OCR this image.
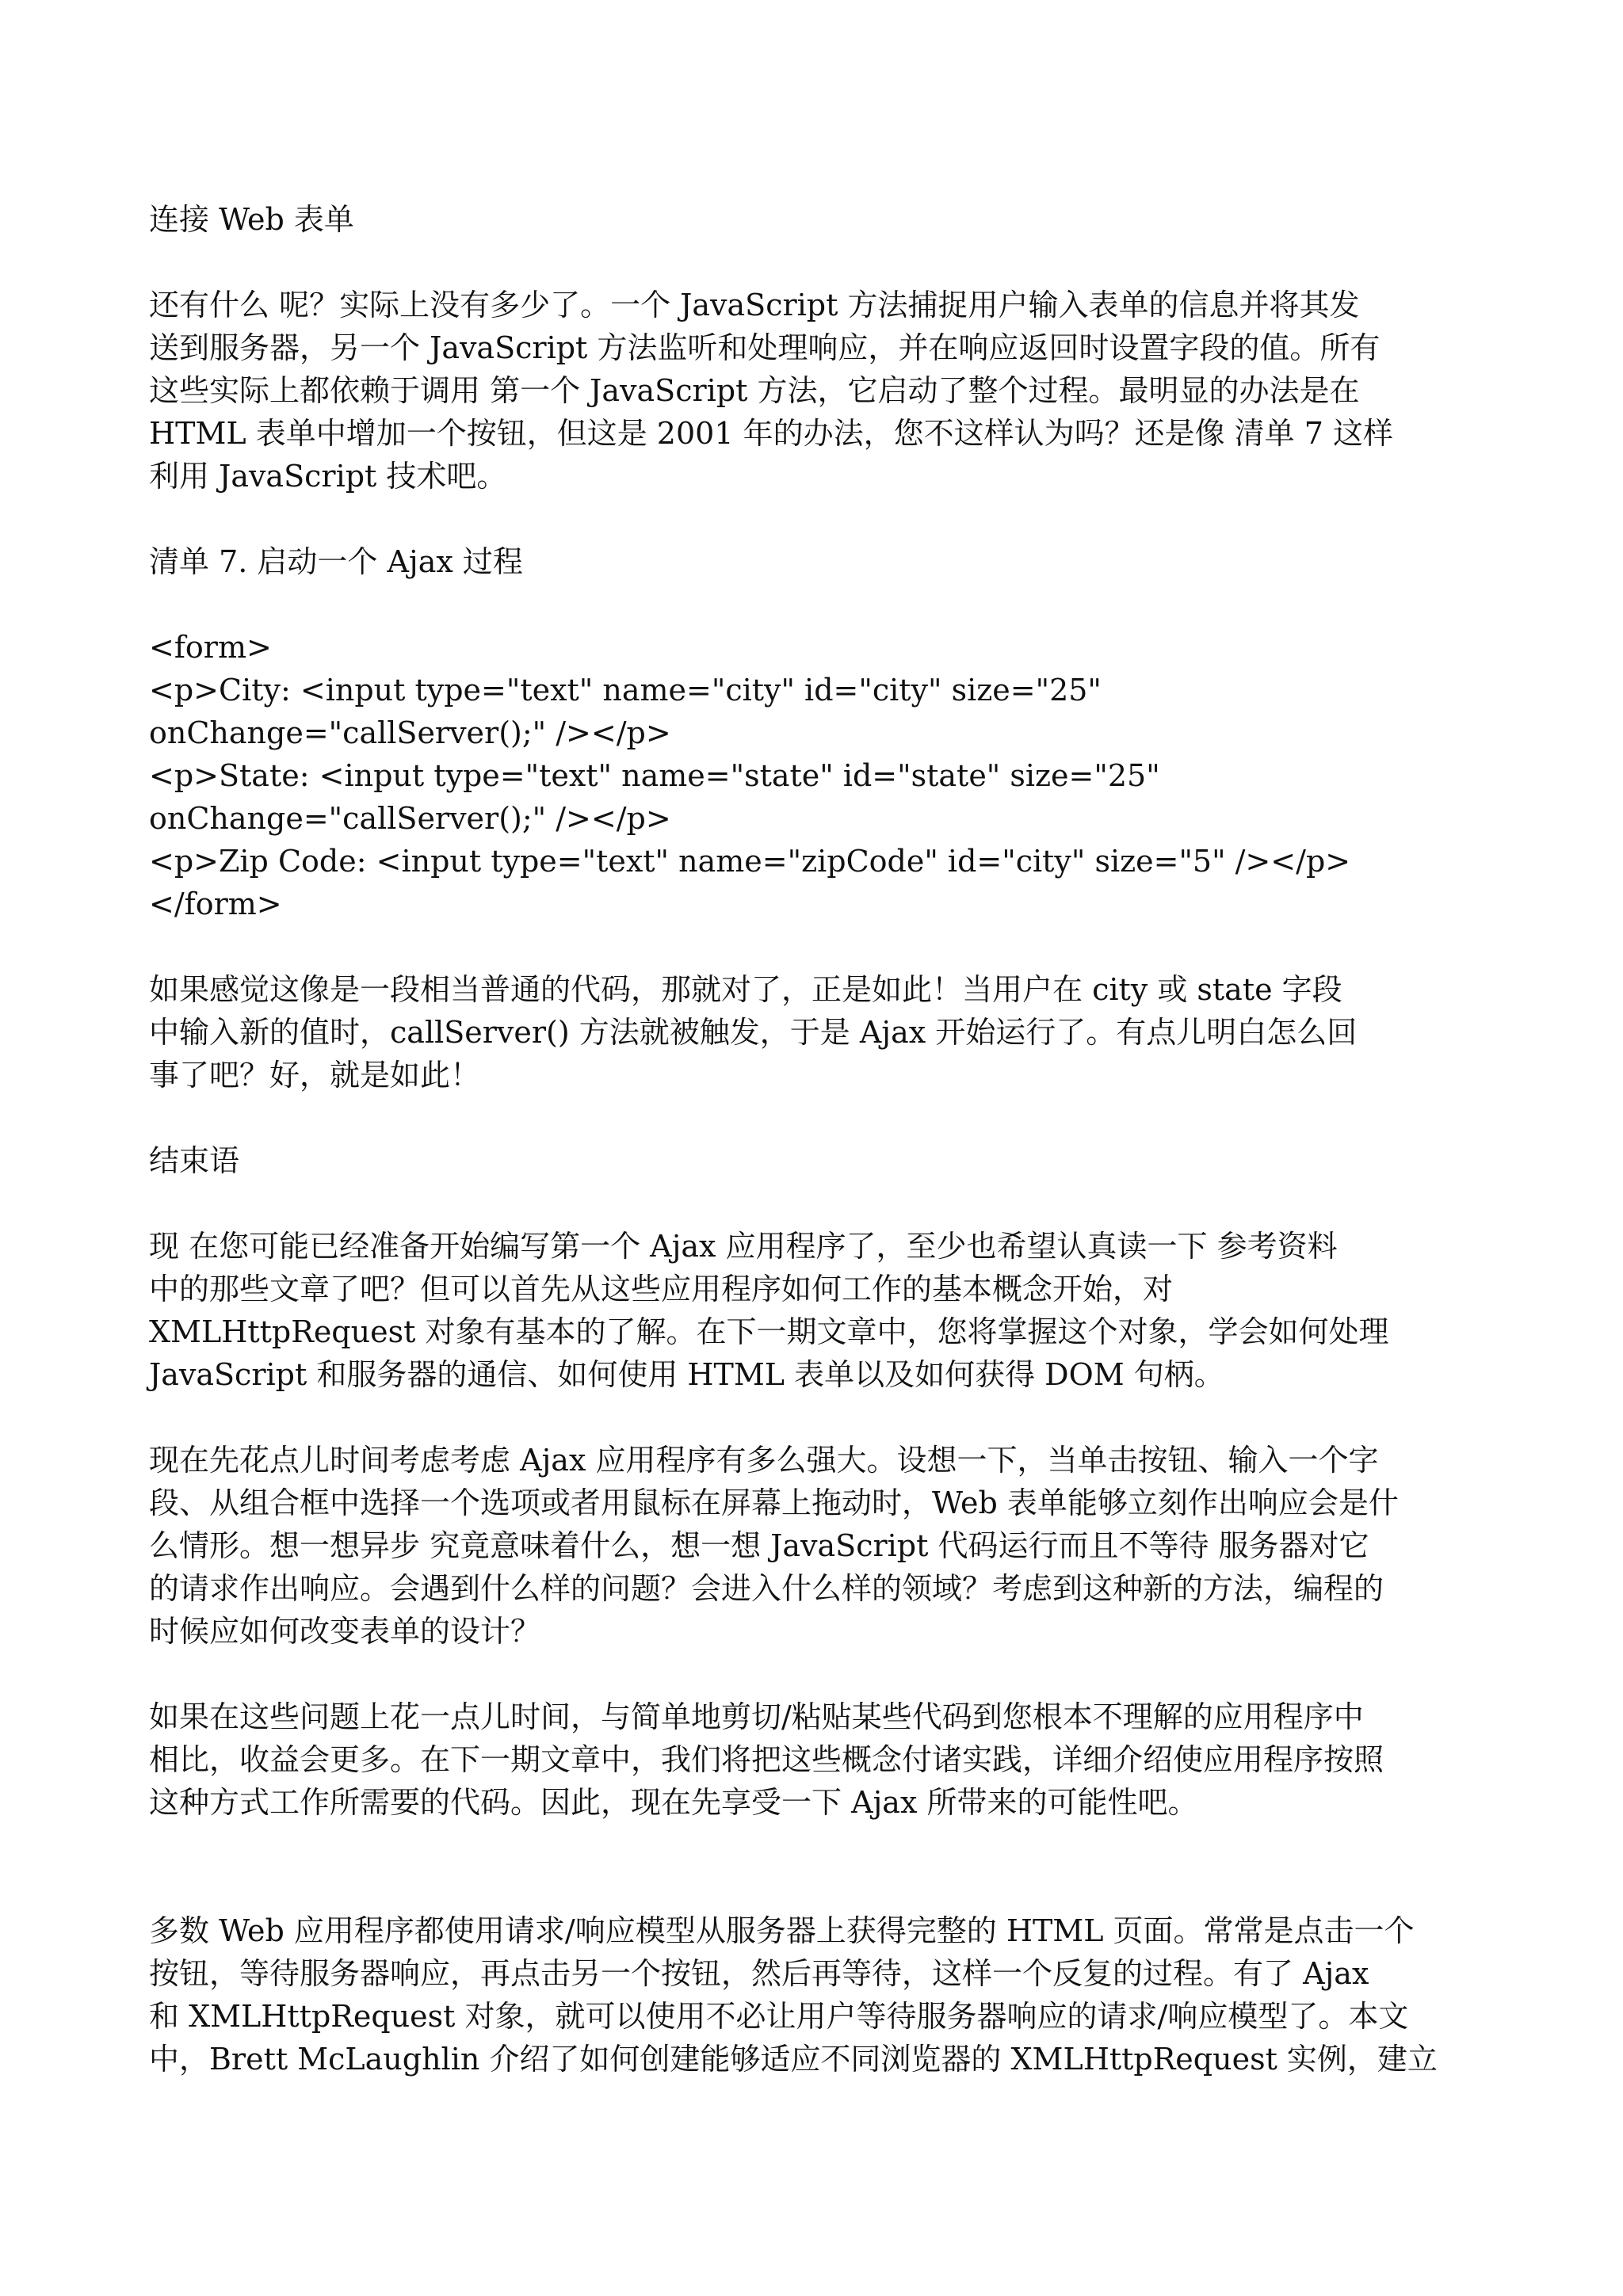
连接 Web 表单

还有什么 呢？实际上没有多少了。一个 JavaScript 方法捕捉用户输入表单的信息并将其发

送到服务器，另一个 JavaScript 方法监听和处理响应，并在响应返回时设置字段的值。所有

这些实际上都依赖于调用 第一个 JavaScript 方法，它启动了整个过程。最明显的办法是在

HTML 表单中增加一个按钮，但这是 2001 年的办法，您不这样认为吗？还是像 清单 7 这样

利用 JavaScript 技术吧。

清单 7. 启动一个 Ajax 过程

<form>

<p>City: <input type="text" name="city" id="city" size="25"

onChange="callServer();" /></p>

<p>State: <input type="text" name="state" id="state" size="25"

onChange="callServer();" /></p>

<p>Zip Code: <input type="text" name="zipCode" id="city" size="5" /></p>

</form>

如果感觉这像是一段相当普通的代码，那就对了，正是如此！当用户在 city 或 state 字段

中输入新的值时，callServer() 方法就被触发，于是 Ajax 开始运行了。有点儿明白怎么回

事了吧？好，就是如此！

结束语

现 在您可能已经准备开始编写第一个 Ajax 应用程序了，至少也希望认真读一下 参考资料

中的那些文章了吧？但可以首先从这些应用程序如何工作的基本概念开始，对

XMLHttpRequest 对象有基本的了解。在下一期文章中，您将掌握这个对象，学会如何处理

JavaScript 和服务器的通信、如何使用 HTML 表单以及如何获得 DOM 句柄。

现在先花点儿时间考虑考虑 Ajax 应用程序有多么强大。设想一下，当单击按钮、输入一个字

段、从组合框中选择一个选项或者用鼠标在屏幕上拖动时，Web 表单能够立刻作出响应会是什

么情形。想一想异步 究竟意味着什么，想一想 JavaScript 代码运行而且不等待 服务器对它

的请求作出响应。会遇到什么样的问题？会进入什么样的领域？考虑到这种新的方法，编程的

时候应如何改变表单的设计？

如果在这些问题上花一点儿时间，与简单地剪切/粘贴某些代码到您根本不理解的应用程序中

相比，收益会更多。在下一期文章中，我们将把这些概念付诸实践，详细介绍使应用程序按照

这种方式工作所需要的代码。因此，现在先享受一下 Ajax 所带来的可能性吧。

多数 Web 应用程序都使用请求/响应模型从服务器上获得完整的 HTML 页面。常常是点击一个

按钮，等待服务器响应，再点击另一个按钮，然后再等待，这样一个反复的过程。有了 Ajax

和 XMLHttpRequest 对象，就可以使用不必让用户等待服务器响应的请求/响应模型了。本文

中，Brett McLaughlin 介绍了如何创建能够适应不同浏览器的 XMLHttpRequest 实例，建立
